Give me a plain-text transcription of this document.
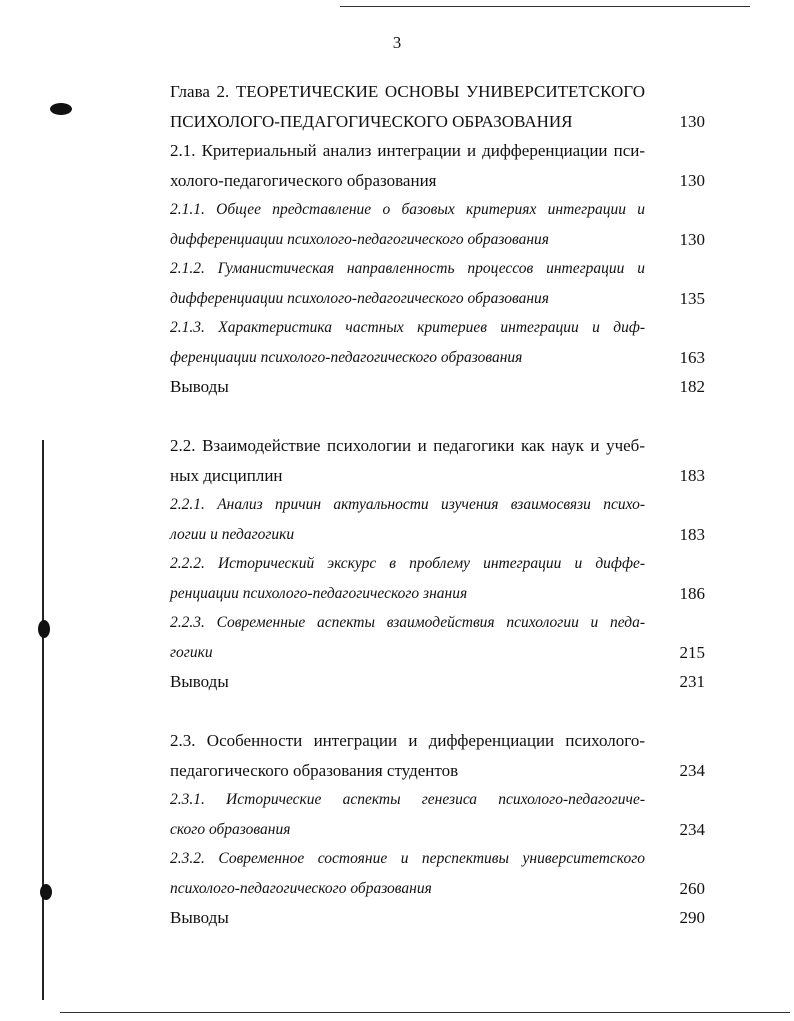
3
Глава 2. ТЕОРЕТИЧЕСКИЕ ОСНОВЫ УНИВЕРСИТЕТСКОГО
ПСИХОЛОГО-ПЕДАГОГИЧЕСКОГО ОБРАЗОВАНИЯ	130
2.1. Критериальный анализ интеграции и дифференциации пси-
холого-педагогического образования	130
2.1.1. Общее представление о базовых критериях интеграции и
дифференциации психолого-педагогического образования	130
2.1.2. Гуманистическая направленность процессов интеграции и
дифференциации психолого-педагогического образования	135
2.1.3. Характеристика частных критериев интеграции и диф-
ференциации психолого-педагогического образования	163
Выводы	182
2.2. Взаимодействие психологии и педагогики как наук и учеб-
ных дисциплин	183
2.2.1. Анализ причин актуальности изучения взаимосвязи психо-
логии и педагогики	183
2.2.2. Исторический экскурс в проблему интеграции и диффе-
ренциации психолого-педагогического знания	186
2.2.3. Современные аспекты взаимодействия психологии и педа-
гогики	215
Выводы	231
2.3. Особенности интеграции и дифференциации психолого-
педагогического образования студентов	234
2.3.1. Исторические аспекты генезиса психолого-педагогиче-
ского образования	234
2.3.2. Современное состояние и перспективы университетского
психолого-педагогического образования	260
Выводы	290
